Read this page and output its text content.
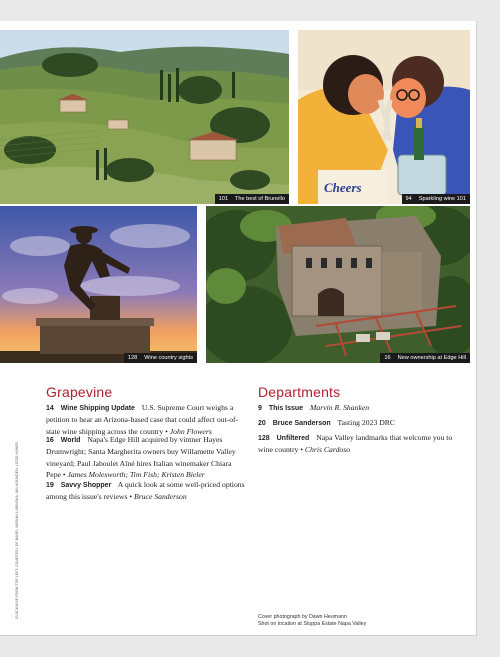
101 The best of Brunello
Cheers
94 Sparkling wine 101
128 Wine country sights	16 New ownership at Edge Hill
Grapevine

14 Wine Shipping Update U.S. Supreme Court weighs a petition to hear an Arizona-based case that could affect out-of-state wine shipping across the country • John Flowers

16 World Napa's Edge Hill acquired by vintner Hayes Drumwright; Santa Margherita owners buy Willamette Valley vineyard; Paul Jaboulet Aîné hires Italian winemaker Chiara Pepe • James Molesworth; Tim Fish; Kristen Bieler

19 Savvy Shopper A quick look at some well-priced options among this issue's reviews • Bruce Sanderson

Departments

9 This Issue Marvin R. Shanken

20 Bruce Sanderson Tasting 2023 DRC

128 Unfiltered Napa Valley landmarks that welcome you to wine country • Chris Cardoso

CLOCKWISE FROM TOP LEFT: COURTESY OF BANFI; MARIAH LUBINSKA; IAN HOUNDEN; LIZZIE HUNER	Cover photograph by Dawn Heumann
Shot on location at Stuppa Estate Napa Valley
